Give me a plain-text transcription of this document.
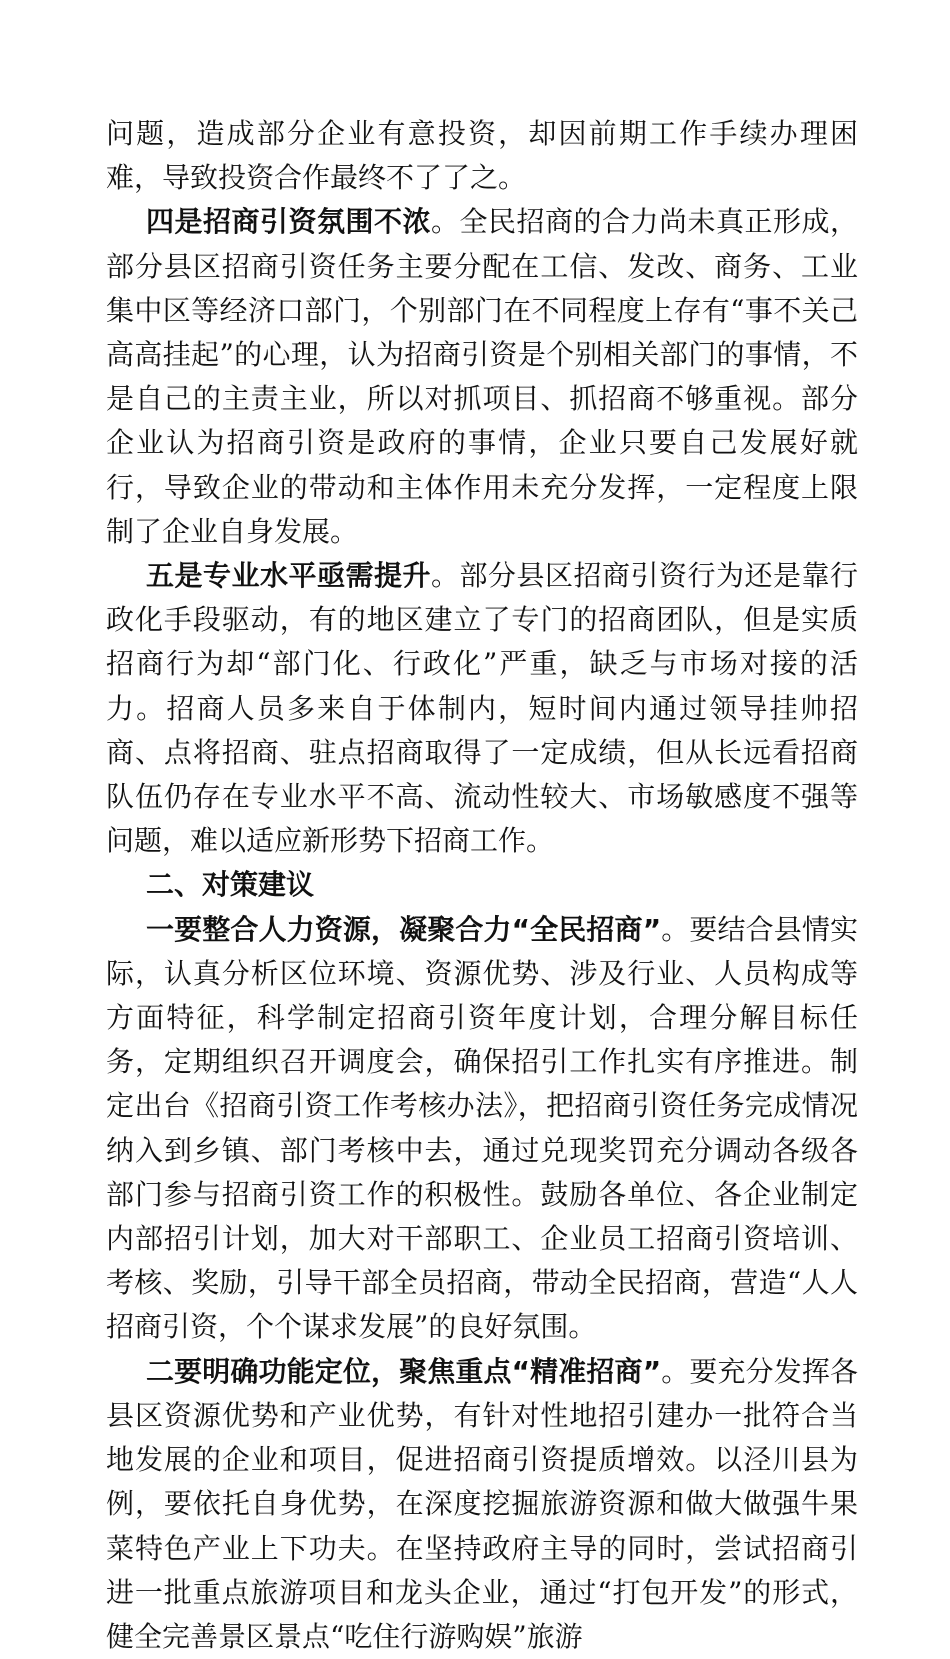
问题，造成部分企业有意投资，却因前期工作手续办理困难，导致投资合作最终不了了之。

四是招商引资氛围不浓。全民招商的合力尚未真正形成，部分县区招商引资任务主要分配在工信、发改、商务、工业集中区等经济口部门，个别部门在不同程度上存有“事不关己高高挂起”的心理，认为招商引资是个别相关部门的事情，不是自己的主责主业，所以对抓项目、抓招商不够重视。部分企业认为招商引资是政府的事情，企业只要自己发展好就行，导致企业的带动和主体作用未充分发挥，一定程度上限制了企业自身发展。

五是专业水平亟需提升。部分县区招商引资行为还是靠行政化手段驱动，有的地区建立了专门的招商团队，但是实质招商行为却“部门化、行政化”严重，缺乏与市场对接的活力。招商人员多来自于体制内，短时间内通过领导挂帅招商、点将招商、驻点招商取得了一定成绩，但从长远看招商队伍仍存在专业水平不高、流动性较大、市场敏感度不强等问题，难以适应新形势下招商工作。

二、对策建议

一要整合人力资源，凝聚合力“全民招商”。要结合县情实际，认真分析区位环境、资源优势、涉及行业、人员构成等方面特征，科学制定招商引资年度计划，合理分解目标任务，定期组织召开调度会，确保招引工作扎实有序推进。制定出台《招商引资工作考核办法》，把招商引资任务完成情况纳入到乡镇、部门考核中去，通过兑现奖罚充分调动各级各部门参与招商引资工作的积极性。鼓励各单位、各企业制定内部招引计划，加大对干部职工、企业员工招商引资培训、考核、奖励，引导干部全员招商，带动全民招商，营造“人人招商引资，个个谋求发展”的良好氛围。

二要明确功能定位，聚焦重点“精准招商”。要充分发挥各县区资源优势和产业优势，有针对性地招引建办一批符合当地发展的企业和项目，促进招商引资提质增效。以泾川县为例，要依托自身优势，在深度挖掘旅游资源和做大做强牛果菜特色产业上下功夫。在坚持政府主导的同时，尝试招商引进一批重点旅游项目和龙头企业，通过“打包开发”的形式，健全完善景区景点“吃住行游购娱”旅游
